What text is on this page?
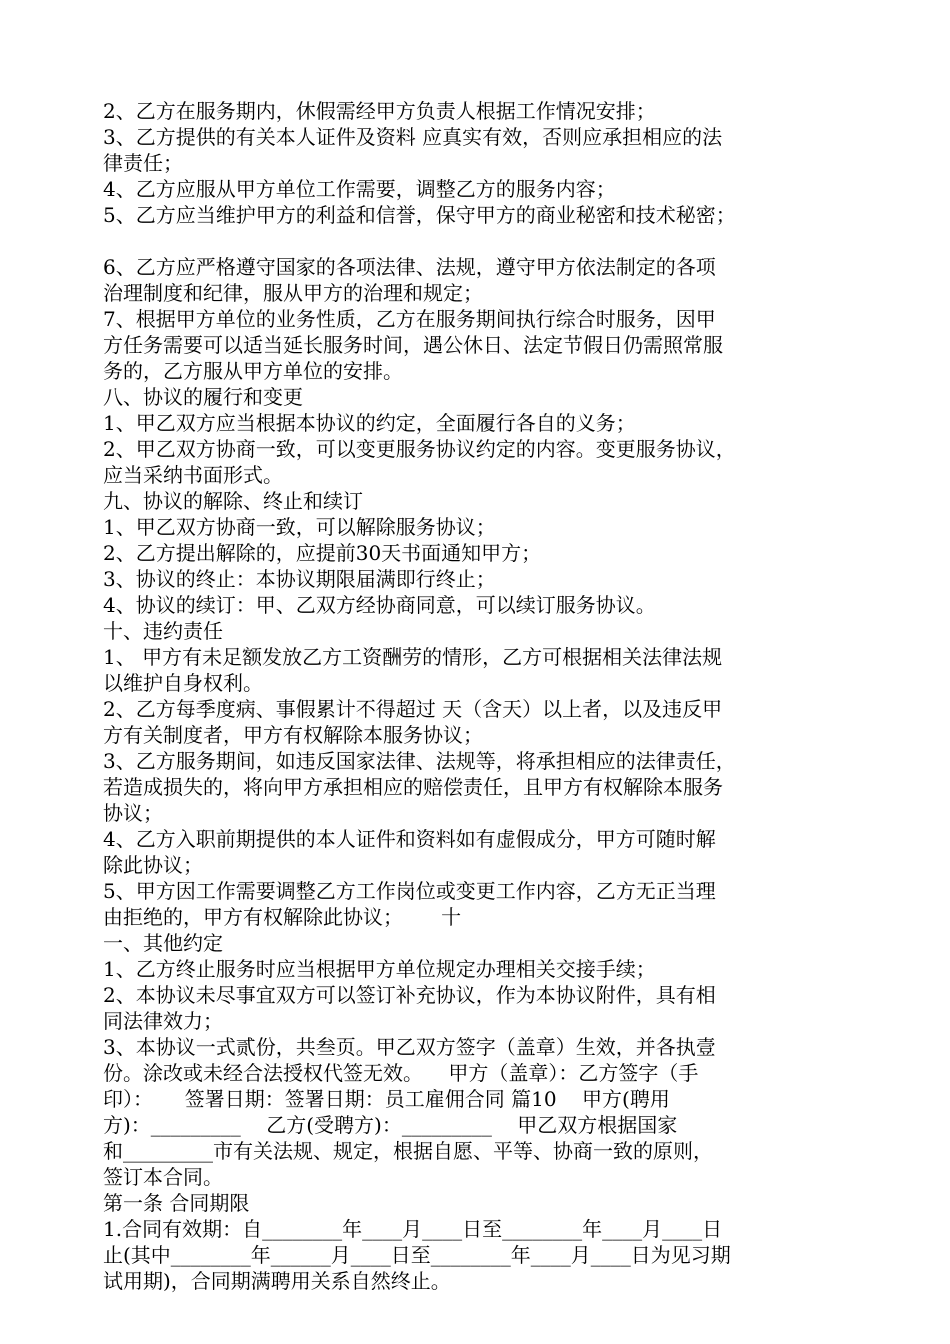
2、乙方在服务期内，休假需经甲方负责人根据工作情况安排；
3、乙方提供的有关本人证件及资料 应真实有效，否则应承担相应的法
律责任；
4、乙方应服从甲方单位工作需要，调整乙方的服务内容；
5、乙方应当维护甲方的利益和信誉，保守甲方的商业秘密和技术秘密；
6、乙方应严格遵守国家的各项法律、法规，遵守甲方依法制定的各项
治理制度和纪律，服从甲方的治理和规定；
7、根据甲方单位的业务性质，乙方在服务期间执行综合时服务，因甲
方任务需要可以适当延长服务时间，遇公休日、法定节假日仍需照常服
务的，乙方服从甲方单位的安排。
八、协议的履行和变更
1、甲乙双方应当根据本协议的约定，全面履行各自的义务；
2、甲乙双方协商一致，可以变更服务协议约定的内容。变更服务协议，
应当采纳书面形式。
九、协议的解除、终止和续订
1、甲乙双方协商一致，可以解除服务协议；
2、乙方提出解除的，应提前30天书面通知甲方；
3、协议的终止：本协议期限届满即行终止；
4、协议的续订：甲、乙双方经协商同意，可以续订服务协议。
十、违约责任
1、 甲方有未足额发放乙方工资酬劳的情形，乙方可根据相关法律法规
以维护自身权利。
2、乙方每季度病、事假累计不得超过 天（含天）以上者，以及违反甲
方有关制度者，甲方有权解除本服务协议；
3、乙方服务期间，如违反国家法律、法规等，将承担相应的法律责任，
若造成损失的，将向甲方承担相应的赔偿责任，且甲方有权解除本服务
协议；
4、乙方入职前期提供的本人证件和资料如有虚假成分，甲方可随时解
除此协议；
5、甲方因工作需要调整乙方工作岗位或变更工作内容，乙方无正当理
由拒绝的，甲方有权解除此协议；      十
一、其他约定
1、乙方终止服务时应当根据甲方单位规定办理相关交接手续；
2、本协议未尽事宜双方可以签订补充协议，作为本协议附件，具有相
同法律效力；
3、本协议一式贰份，共叁页。甲乙双方签字（盖章）生效，并各执壹
份。涂改或未经合法授权代签无效。    甲方（盖章）：乙方签字（手
印）：     签署日期：签署日期：员工雇佣合同 篇10    甲方(聘用
方)：_________    乙方(受聘方)：_________    甲乙双方根据国家
和_________市有关法规、规定，根据自愿、平等、协商一致的原则，
签订本合同。
第一条 合同期限
1.合同有效期：自________年____月____日至________年____月____日
止(其中________年______月____日至________年____月____日为见习期
试用期)，合同期满聘用关系自然终止。
